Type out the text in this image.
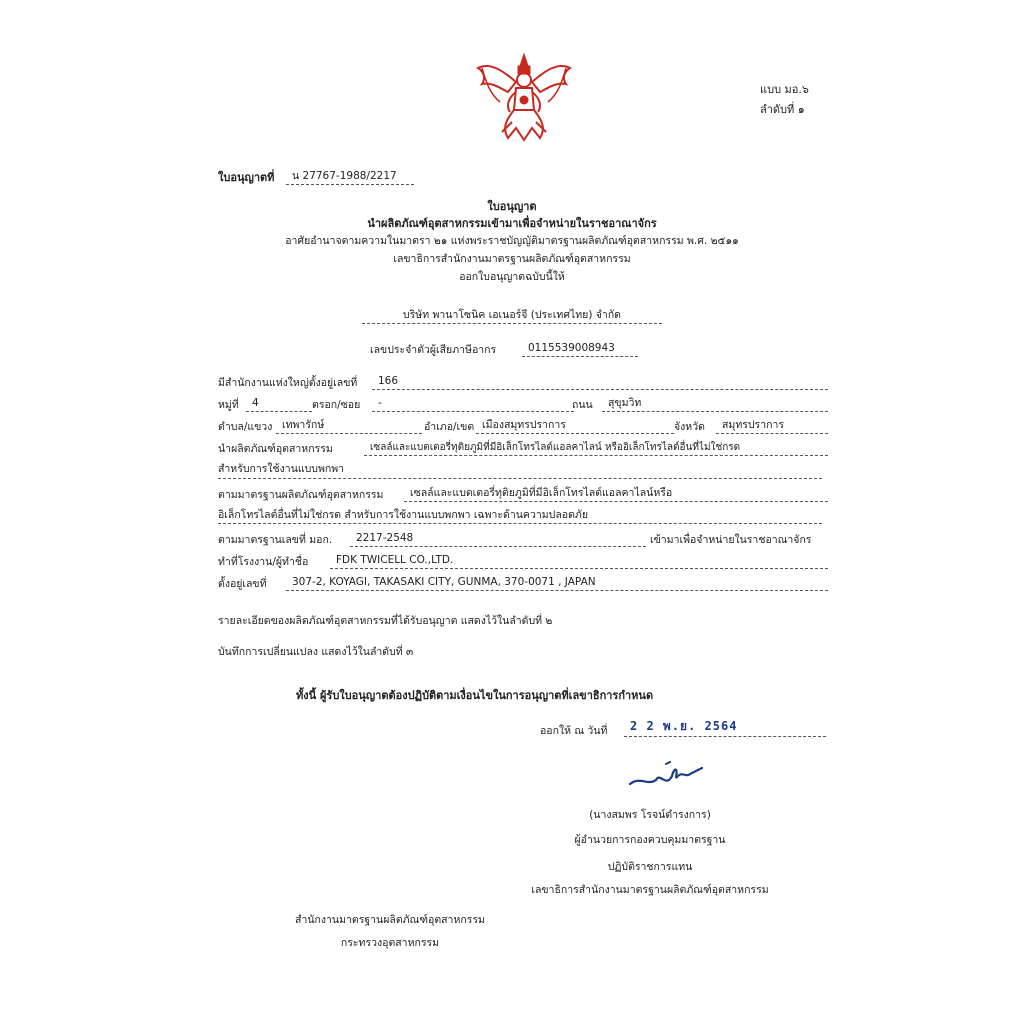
แบบ มอ.๖
ลำดับที่ ๑
ใบอนุญาตที่	น 27767-1988/2217
ใบอนุญาต
นำผลิตภัณฑ์อุตสาหกรรมเข้ามาเพื่อจำหน่ายในราชอาณาจักร
อาศัยอำนาจตามความในมาตรา ๒๑ แห่งพระราชบัญญัติมาตรฐานผลิตภัณฑ์อุตสาหกรรม พ.ศ. ๒๕๑๑
เลขาธิการสำนักงานมาตรฐานผลิตภัณฑ์อุตสาหกรรม
ออกใบอนุญาตฉบับนี้ให้
บริษัท พานาโซนิค เอเนอร์จี (ประเทศไทย) จำกัด
เลขประจำตัวผู้เสียภาษีอากร	0115539008943
มีสำนักงานแห่งใหญ่ตั้งอยู่เลขที่	166
หมู่ที่	4	ตรอก/ซอย	-	ถนน	สุขุมวิท
ตำบล/แขวง เทพารักษ์	อำเภอ/เขต เมืองสมุทรปราการ	จังหวัด	สมุทรปราการ
นำผลิตภัณฑ์อุตสาหกรรม	เซลล์และแบตเตอรี่ทุติยภูมิที่มีอิเล็กโทรไลต์แอลคาไลน์ หรืออิเล็กโทรไลต์อื่นที่ไม่ใช่กรด
สำหรับการใช้งานแบบพกพา
ตามมาตรฐานผลิตภัณฑ์อุตสาหกรรม	เซลล์และแบตเตอรี่ทุติยภูมิที่มีอิเล็กโทรไลต์แอลคาไลน์หรือ
อิเล็กโทรไลต์อื่นที่ไม่ใช่กรด สำหรับการใช้งานแบบพกพา เฉพาะด้านความปลอดภัย
ตามมาตรฐานเลขที่ มอก.	2217-2548	เข้ามาเพื่อจำหน่ายในราชอาณาจักร
ทำที่โรงงาน/ผู้ทำชื่อ	FDK TWICELL CO.,LTD.
ตั้งอยู่เลขที่	307-2, KOYAGI, TAKASAKI CITY, GUNMA, 370-0071 , JAPAN
รายละเอียดของผลิตภัณฑ์อุตสาหกรรมที่ได้รับอนุญาต แสดงไว้ในลำดับที่ ๒
บันทึกการเปลี่ยนแปลง แสดงไว้ในลำดับที่ ๓
ทั้งนี้ ผู้รับใบอนุญาตต้องปฏิบัติตามเงื่อนไขในการอนุญาตที่เลขาธิการกำหนด
ออกให้ ณ วันที่	2 2 พ.ย. 2564
(นางสมพร โรจน์ดำรงการ)
ผู้อำนวยการกองควบคุมมาตรฐาน
ปฏิบัติราชการแทน
เลขาธิการสำนักงานมาตรฐานผลิตภัณฑ์อุตสาหกรรม
สำนักงานมาตรฐานผลิตภัณฑ์อุตสาหกรรม
กระทรวงอุตสาหกรรม
